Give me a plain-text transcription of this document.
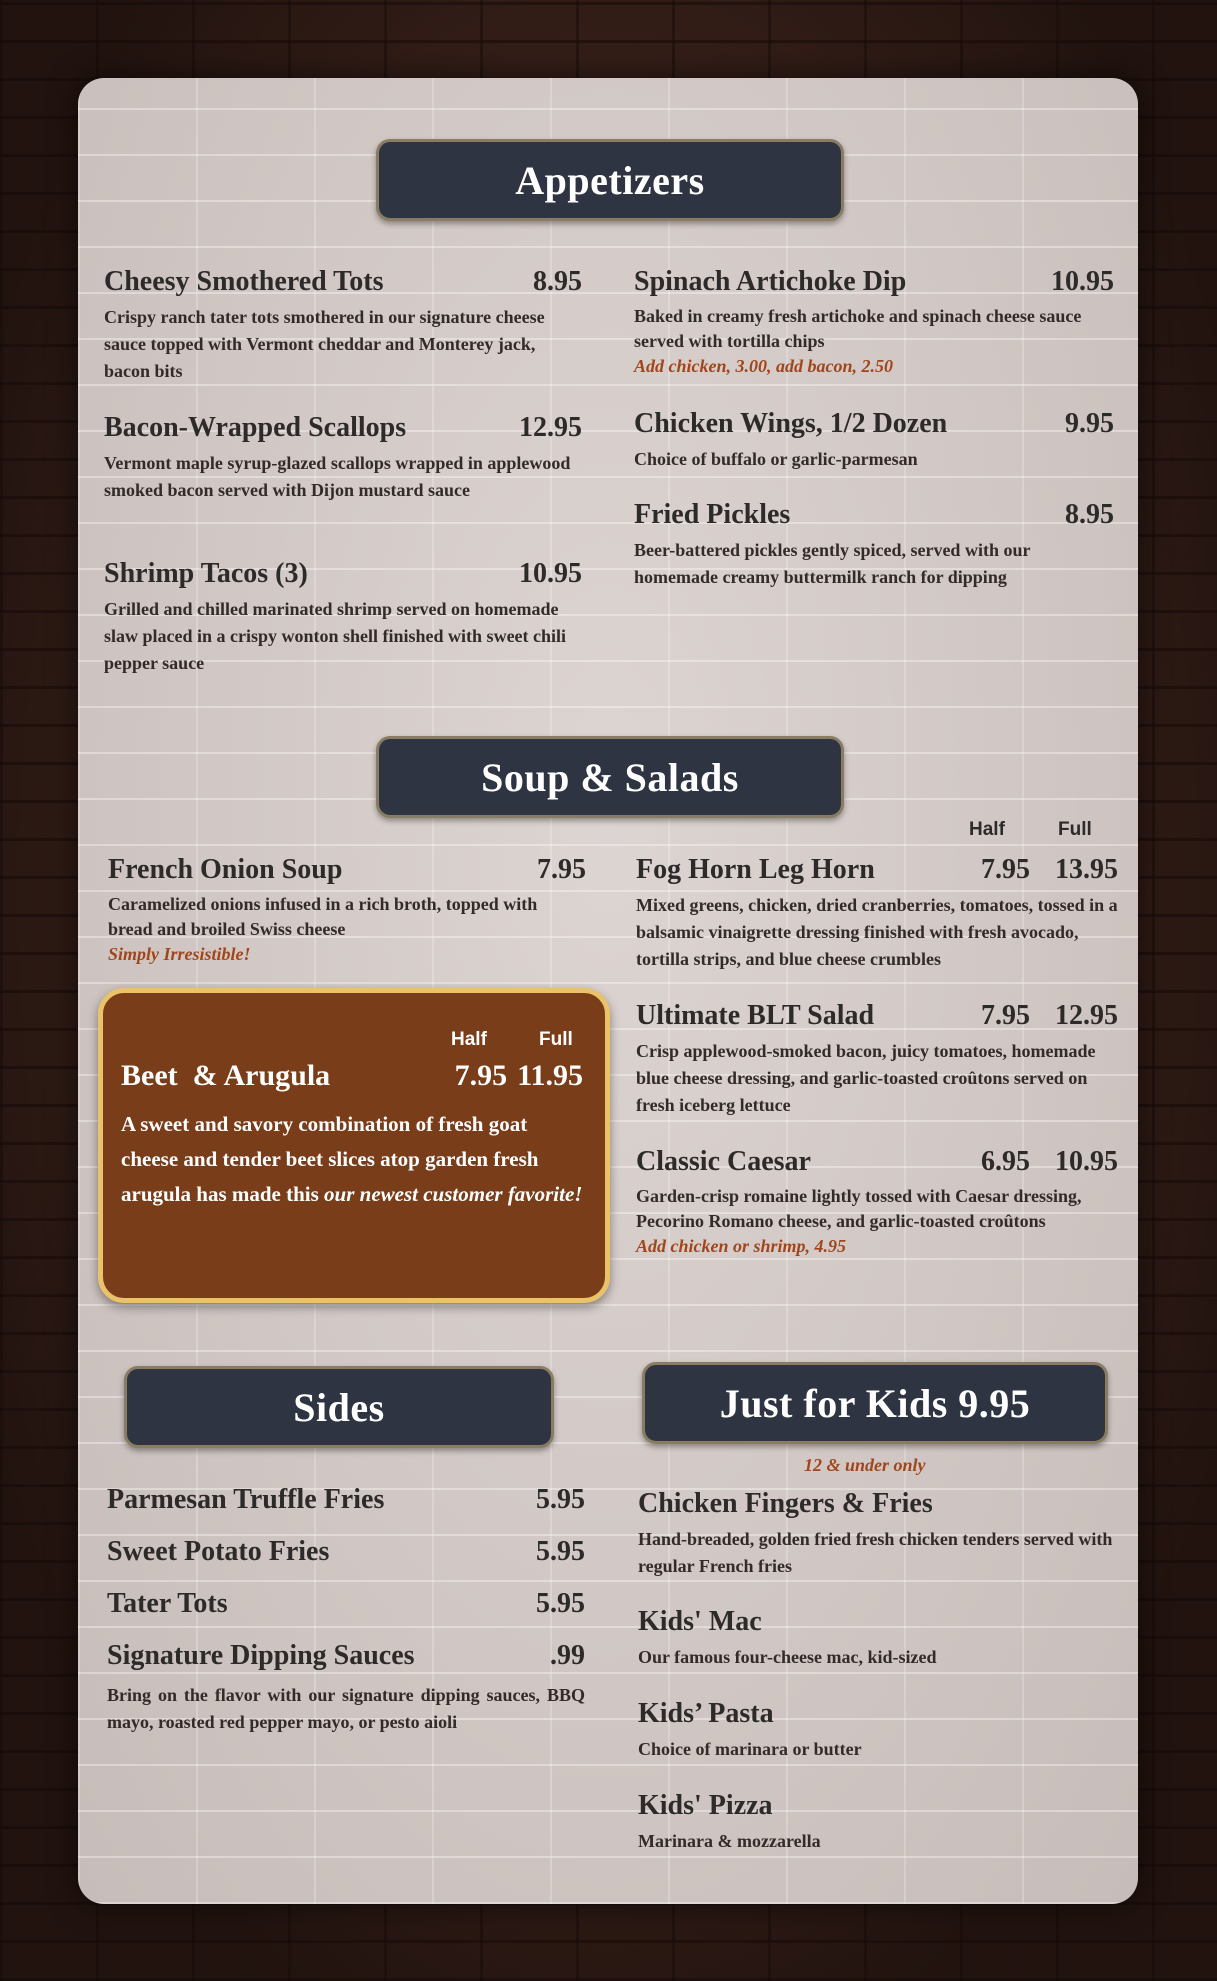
Appetizers
Cheesy Smothered Tots	8.95
Crispy ranch tater tots smothered in our signature cheese sauce topped with Vermont cheddar and Monterey jack, bacon bits
Bacon-Wrapped Scallops	12.95
Vermont maple syrup-glazed scallops wrapped in applewood smoked bacon served with Dijon mustard sauce
Shrimp Tacos (3)	10.95
Grilled and chilled marinated shrimp served on homemade slaw placed in a crispy wonton shell finished with sweet chili pepper sauce
Spinach Artichoke Dip	10.95
Baked in creamy fresh artichoke and spinach cheese sauce served with tortilla chips
Add chicken, 3.00, add bacon, 2.50
Chicken Wings, 1/2 Dozen	9.95
Choice of buffalo or garlic-parmesan
Fried Pickles	8.95
Beer-battered pickles gently spiced, served with our homemade creamy buttermilk ranch for dipping
Soup & Salads
Half	Full
French Onion Soup	7.95
Caramelized onions infused in a rich broth, topped with bread and broiled Swiss cheese
Simply Irresistible!
Half	Full
Beet  & Arugula	7.95 11.95
A sweet and savory combination of fresh goat cheese and tender beet slices atop garden fresh arugula has made this our newest customer favorite!
Fog Horn Leg Horn	7.95 13.95
Mixed greens, chicken, dried cranberries, tomatoes, tossed in a balsamic vinaigrette dressing finished with fresh avocado, tortilla strips, and blue cheese crumbles
Ultimate BLT Salad	7.95 12.95
Crisp applewood-smoked bacon, juicy tomatoes, homemade blue cheese dressing, and garlic-toasted croûtons served on fresh iceberg lettuce
Classic Caesar	6.95 10.95
Garden-crisp romaine lightly tossed with Caesar dressing, Pecorino Romano cheese, and garlic-toasted croûtons
Add chicken or shrimp, 4.95
Sides	Just for Kids 9.95
Parmesan Truffle Fries	5.95
Sweet Potato Fries	5.95
Tater Tots	5.95
Signature Dipping Sauces	.99
Bring on the flavor with our signature dipping sauces, BBQ mayo, roasted red pepper mayo, or pesto aioli
12 & under only
Chicken Fingers & Fries
Hand-breaded, golden fried fresh chicken tenders served with regular French fries
Kids' Mac
Our famous four-cheese mac, kid-sized
Kids’ Pasta
Choice of marinara or butter
Kids' Pizza
Marinara & mozzarella
